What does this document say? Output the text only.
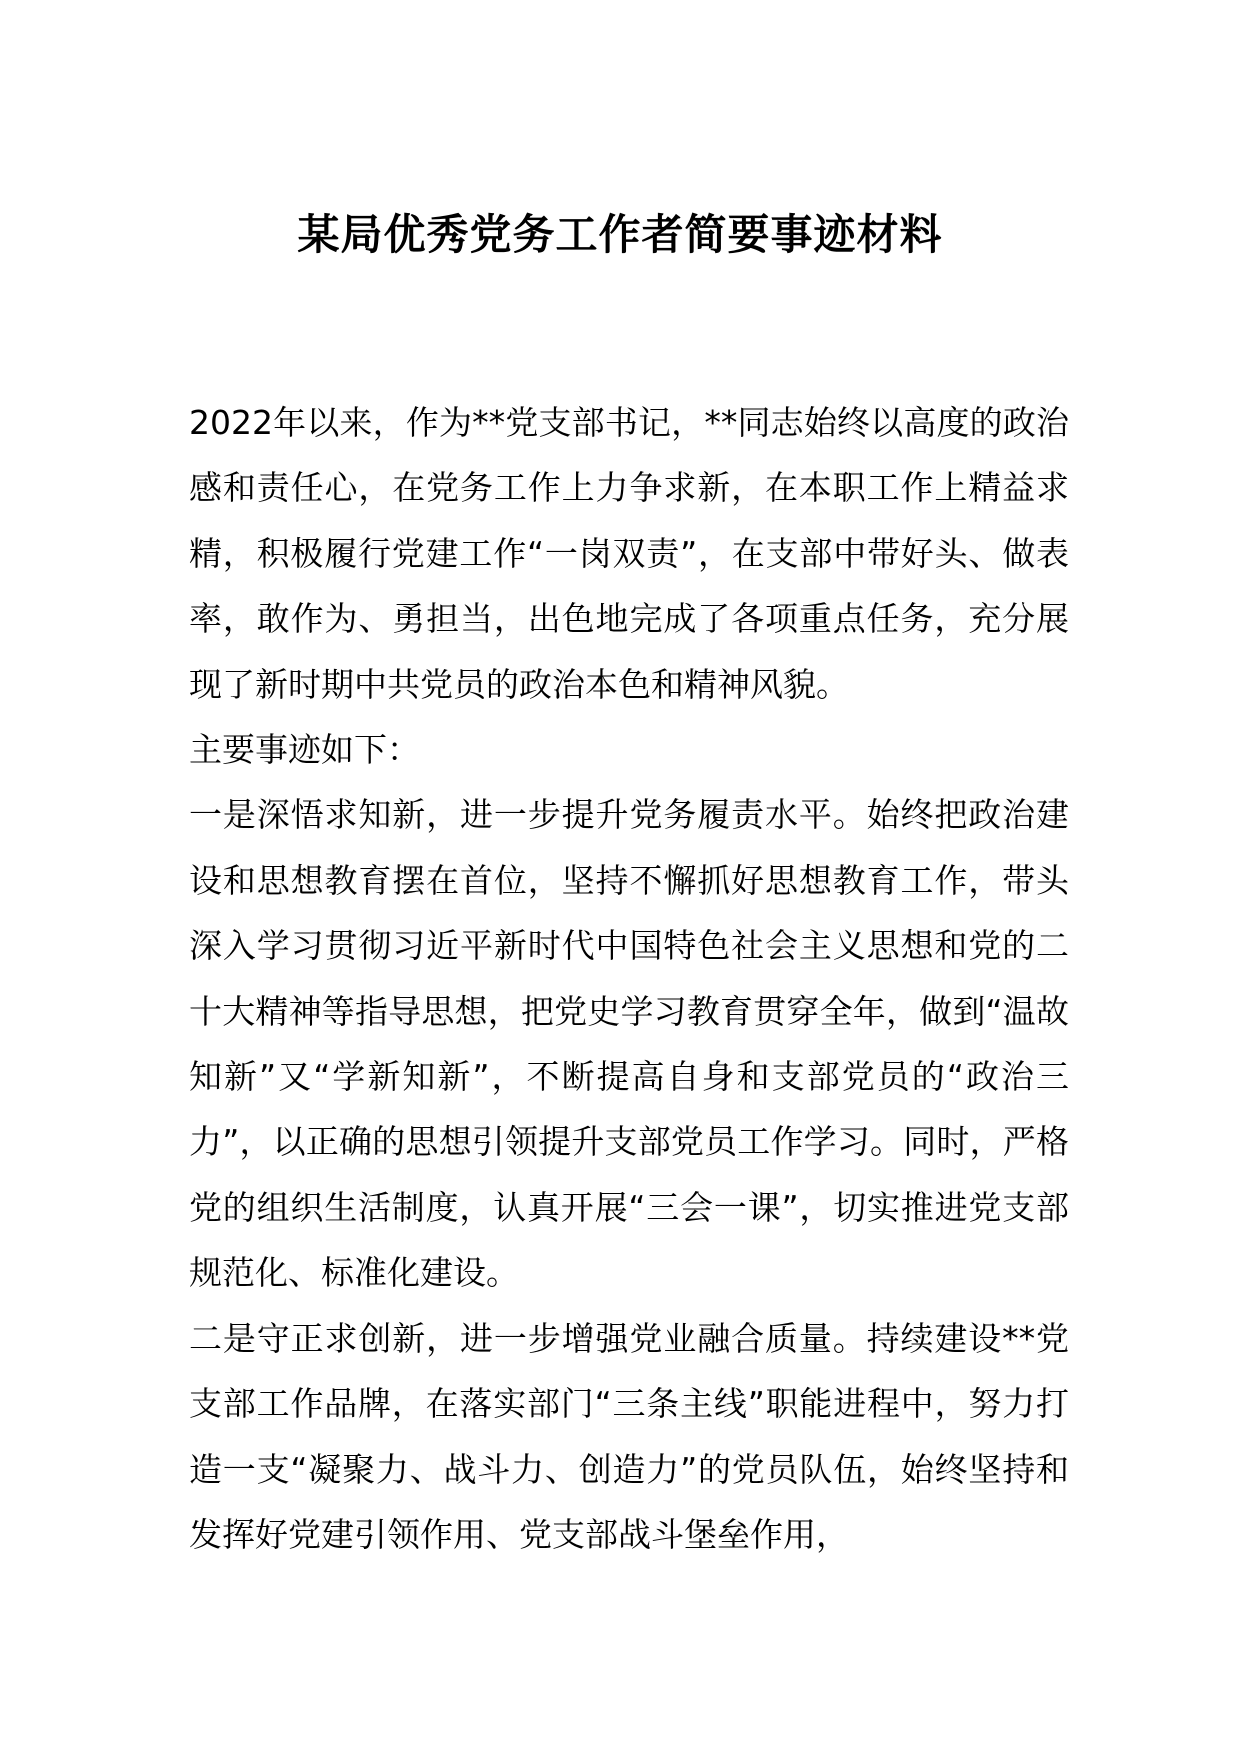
某局优秀党务工作者简要事迹材料

2022年以来，作为**党支部书记，**同志始终以高度的政治感和责任心，在党务工作上力争求新，在本职工作上精益求精，积极履行党建工作“一岗双责”，在支部中带好头、做表率，敢作为、勇担当，出色地完成了各项重点任务，充分展现了新时期中共党员的政治本色和精神风貌。

主要事迹如下：

一是深悟求知新，进一步提升党务履责水平。始终把政治建设和思想教育摆在首位，坚持不懈抓好思想教育工作，带头深入学习贯彻习近平新时代中国特色社会主义思想和党的二十大精神等指导思想，把党史学习教育贯穿全年，做到“温故知新”又“学新知新”，不断提高自身和支部党员的“政治三力”，以正确的思想引领提升支部党员工作学习。同时，严格党的组织生活制度，认真开展“三会一课”，切实推进党支部规范化、标准化建设。

二是守正求创新，进一步增强党业融合质量。持续建设**党支部工作品牌，在落实部门“三条主线”职能进程中，努力打造一支“凝聚力、战斗力、创造力”的党员队伍，始终坚持和发挥好党建引领作用、党支部战斗堡垒作用，
